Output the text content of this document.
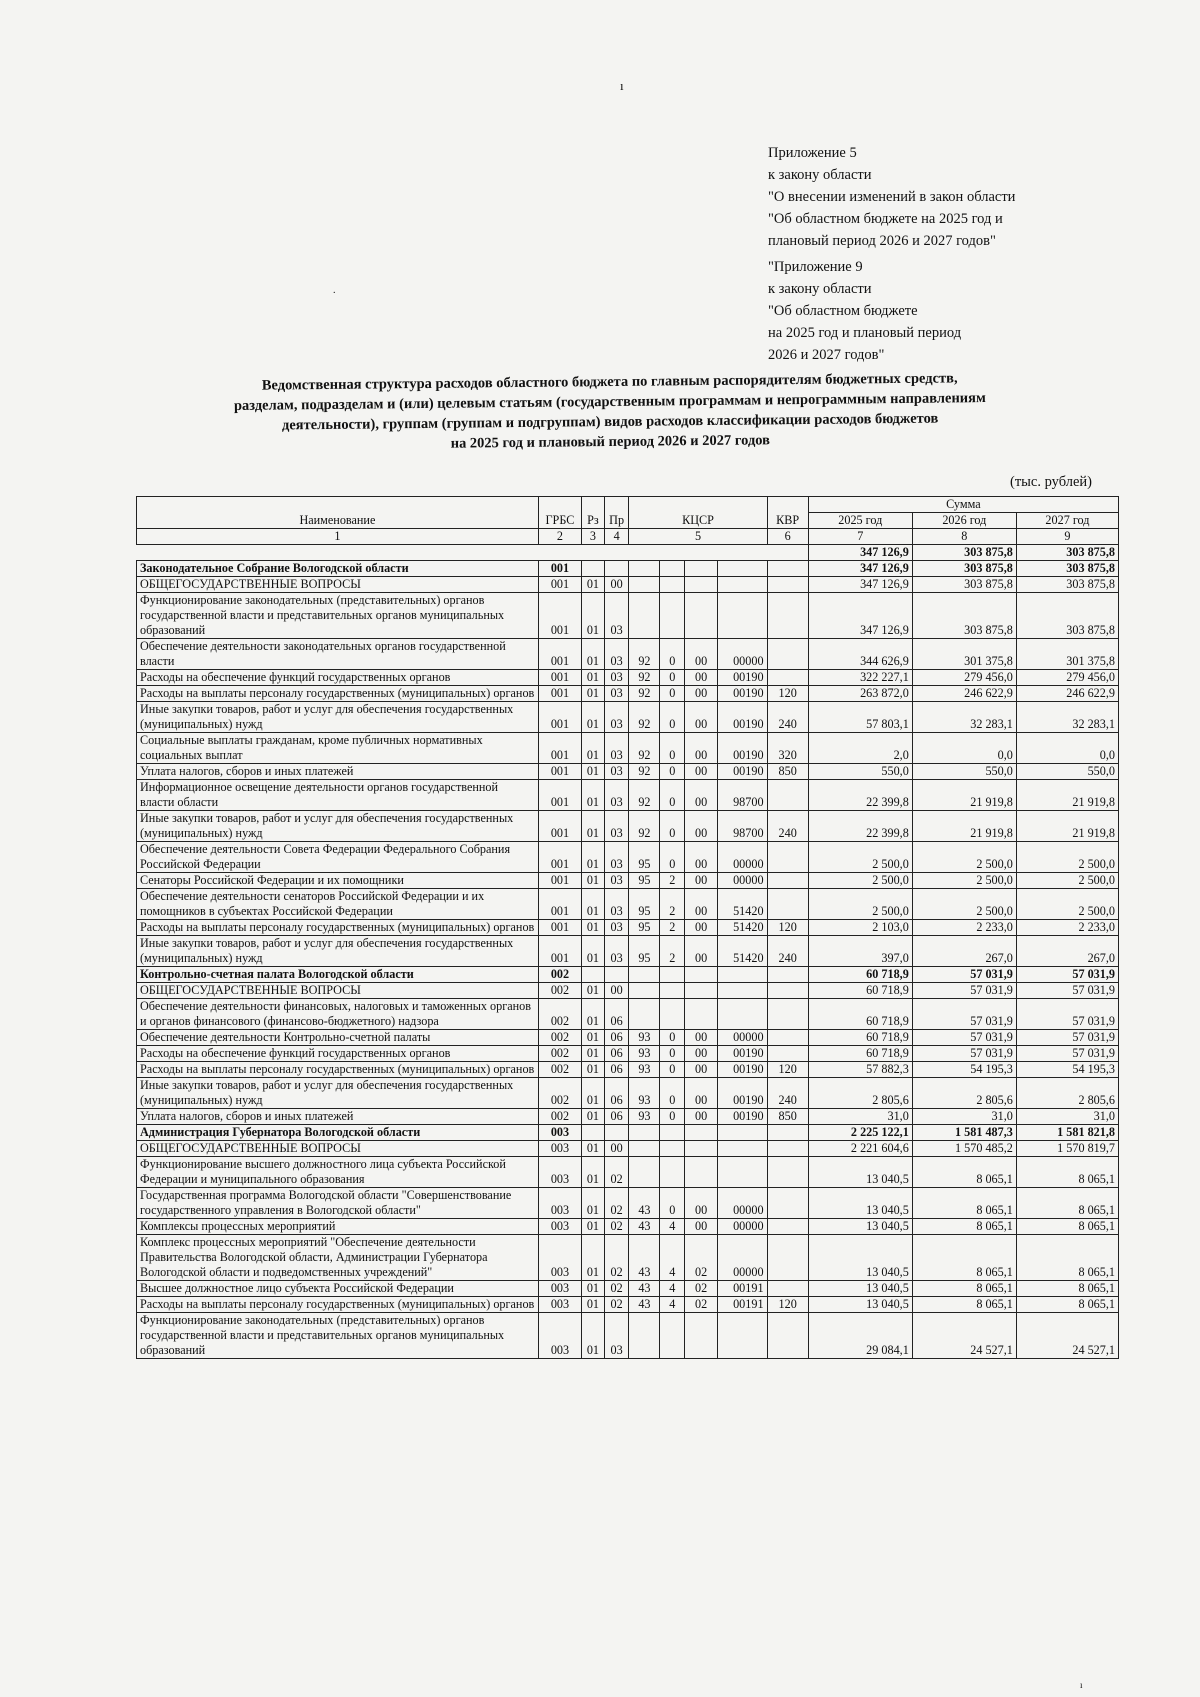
ı
.
Приложение 5
к закону области
"О внесении изменений в закон области
"Об областном бюджете на 2025 год и
плановый период 2026 и 2027 годов"
"Приложение 9
к закону области
"Об областном бюджете
на 2025 год и плановый период
2026 и 2027 годов"
Ведомственная структура расходов областного бюджета по главным распорядителям бюджетных средств,
разделам, подразделам и (или) целевым статьям (государственным программам и непрограммным направлениям
деятельности), группам (группам и подгруппам) видов расходов классификации расходов бюджетов
на 2025 год и плановый период 2026 и 2027 годов
(тыс. рублей)
Наименование	ГРБС	Рз	Пр	КЦСР				КВР	Сумма		
									2025 год	2026 год	2027 год
1	2	3	4	5				6	7	8	9
									347 126,9	303 875,8	303 875,8
Законодательное Собрание Вологодской области	001								347 126,9	303 875,8	303 875,8
ОБЩЕГОСУДАРСТВЕННЫЕ ВОПРОСЫ	001	01	00						347 126,9	303 875,8	303 875,8
Функционирование законодательных (представительных) органов государственной власти и представительных органов муниципальных образований	001	01	03						347 126,9	303 875,8	303 875,8
Обеспечение деятельности законодательных органов государственной власти	001	01	03	92	0	00	00000		344 626,9	301 375,8	301 375,8
Расходы на обеспечение функций государственных органов	001	01	03	92	0	00	00190		322 227,1	279 456,0	279 456,0
Расходы на выплаты персоналу государственных (муниципальных) органов	001	01	03	92	0	00	00190	120	263 872,0	246 622,9	246 622,9
Иные закупки товаров, работ и услуг для обеспечения государственных (муниципальных) нужд	001	01	03	92	0	00	00190	240	57 803,1	32 283,1	32 283,1
Социальные выплаты гражданам, кроме публичных нормативных социальных выплат	001	01	03	92	0	00	00190	320	2,0	0,0	0,0
Уплата налогов, сборов и иных платежей	001	01	03	92	0	00	00190	850	550,0	550,0	550,0
Информационное освещение деятельности органов государственной власти области	001	01	03	92	0	00	98700		22 399,8	21 919,8	21 919,8
Иные закупки товаров, работ и услуг для обеспечения государственных (муниципальных) нужд	001	01	03	92	0	00	98700	240	22 399,8	21 919,8	21 919,8
Обеспечение деятельности Совета Федерации Федерального Собрания Российской Федерации	001	01	03	95	0	00	00000		2 500,0	2 500,0	2 500,0
Сенаторы Российской Федерации и их помощники	001	01	03	95	2	00	00000		2 500,0	2 500,0	2 500,0
Обеспечение деятельности сенаторов Российской Федерации и их помощников в субъектах Российской Федерации	001	01	03	95	2	00	51420		2 500,0	2 500,0	2 500,0
Расходы на выплаты персоналу государственных (муниципальных) органов	001	01	03	95	2	00	51420	120	2 103,0	2 233,0	2 233,0
Иные закупки товаров, работ и услуг для обеспечения государственных (муниципальных) нужд	001	01	03	95	2	00	51420	240	397,0	267,0	267,0
Контрольно-счетная палата Вологодской области	002								60 718,9	57 031,9	57 031,9
ОБЩЕГОСУДАРСТВЕННЫЕ ВОПРОСЫ	002	01	00						60 718,9	57 031,9	57 031,9
Обеспечение деятельности финансовых, налоговых и таможенных органов и органов финансового (финансово-бюджетного) надзора	002	01	06						60 718,9	57 031,9	57 031,9
Обеспечение деятельности Контрольно-счетной палаты	002	01	06	93	0	00	00000		60 718,9	57 031,9	57 031,9
Расходы на обеспечение функций государственных органов	002	01	06	93	0	00	00190		60 718,9	57 031,9	57 031,9
Расходы на выплаты персоналу государственных (муниципальных) органов	002	01	06	93	0	00	00190	120	57 882,3	54 195,3	54 195,3
Иные закупки товаров, работ и услуг для обеспечения государственных (муниципальных) нужд	002	01	06	93	0	00	00190	240	2 805,6	2 805,6	2 805,6
Уплата налогов, сборов и иных платежей	002	01	06	93	0	00	00190	850	31,0	31,0	31,0
Администрация Губернатора Вологодской области	003								2 225 122,1	1 581 487,3	1 581 821,8
ОБЩЕГОСУДАРСТВЕННЫЕ ВОПРОСЫ	003	01	00						2 221 604,6	1 570 485,2	1 570 819,7
Функционирование высшего должностного лица субъекта Российской Федерации и муниципального образования	003	01	02						13 040,5	8 065,1	8 065,1
Государственная программа Вологодской области "Совершенствование государственного управления в Вологодской области"	003	01	02	43	0	00	00000		13 040,5	8 065,1	8 065,1
Комплексы процессных мероприятий	003	01	02	43	4	00	00000		13 040,5	8 065,1	8 065,1
Комплекс процессных мероприятий "Обеспечение деятельности Правительства Вологодской области, Администрации Губернатора Вологодской области и подведомственных учреждений"	003	01	02	43	4	02	00000		13 040,5	8 065,1	8 065,1
Высшее должностное лицо субъекта Российской Федерации	003	01	02	43	4	02	00191		13 040,5	8 065,1	8 065,1
Расходы на выплаты персоналу государственных (муниципальных) органов	003	01	02	43	4	02	00191	120	13 040,5	8 065,1	8 065,1
Функционирование законодательных (представительных) органов государственной власти и представительных органов муниципальных образований	003	01	03						29 084,1	24 527,1	24 527,1
ı
